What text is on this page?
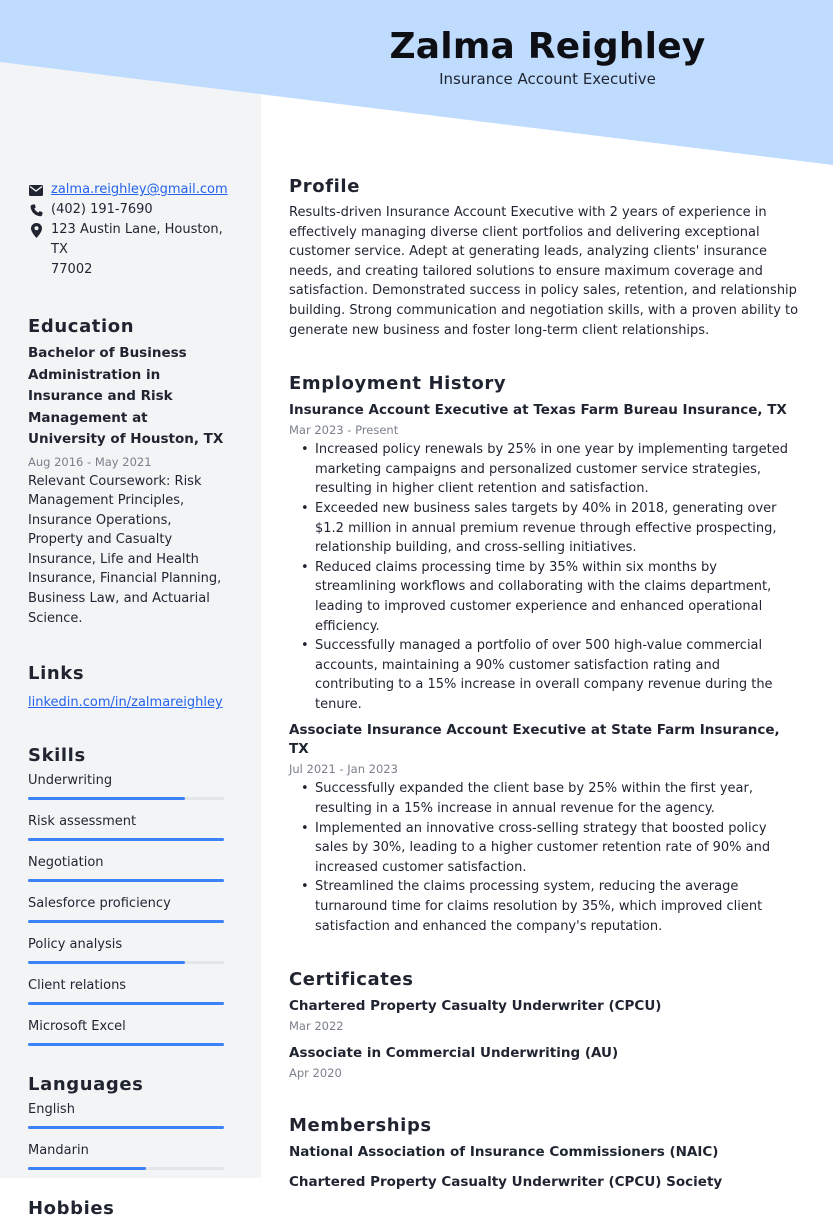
Zalma Reighley
Insurance Account Executive
zalma.reighley@gmail.com
(402) 191-7690
123 Austin Lane, Houston, TX
77002
Education
Bachelor of Business Administration in Insurance and Risk Management at University of Houston, TX
Aug 2016 - May 2021
Relevant Coursework: Risk Management Principles, Insurance Operations, Property and Casualty Insurance, Life and Health Insurance, Financial Planning, Business Law, and Actuarial Science.
Links
linkedin.com/in/zalmareighley
Skills
Underwriting
Risk assessment
Negotiation
Salesforce proficiency
Policy analysis
Client relations
Microsoft Excel
Languages
English
Mandarin
Hobbies
Profile
Results-driven Insurance Account Executive with 2 years of experience in effectively managing diverse client portfolios and delivering exceptional customer service. Adept at generating leads, analyzing clients' insurance needs, and creating tailored solutions to ensure maximum coverage and satisfaction. Demonstrated success in policy sales, retention, and relationship building. Strong communication and negotiation skills, with a proven ability to generate new business and foster long-term client relationships.
Employment History
Insurance Account Executive at Texas Farm Bureau Insurance, TX
Mar 2023 - Present
• Increased policy renewals by 25% in one year by implementing targeted marketing campaigns and personalized customer service strategies, resulting in higher client retention and satisfaction.
• Exceeded new business sales targets by 40% in 2018, generating over $1.2 million in annual premium revenue through effective prospecting, relationship building, and cross-selling initiatives.
• Reduced claims processing time by 35% within six months by streamlining workflows and collaborating with the claims department, leading to improved customer experience and enhanced operational efficiency.
• Successfully managed a portfolio of over 500 high-value commercial accounts, maintaining a 90% customer satisfaction rating and contributing to a 15% increase in overall company revenue during the tenure.
Associate Insurance Account Executive at State Farm Insurance, TX
Jul 2021 - Jan 2023
• Successfully expanded the client base by 25% within the first year, resulting in a 15% increase in annual revenue for the agency.
• Implemented an innovative cross-selling strategy that boosted policy sales by 30%, leading to a higher customer retention rate of 90% and increased customer satisfaction.
• Streamlined the claims processing system, reducing the average turnaround time for claims resolution by 35%, which improved client satisfaction and enhanced the company's reputation.
Certificates
Chartered Property Casualty Underwriter (CPCU)
Mar 2022
Associate in Commercial Underwriting (AU)
Apr 2020
Memberships
National Association of Insurance Commissioners (NAIC)
Chartered Property Casualty Underwriter (CPCU) Society
